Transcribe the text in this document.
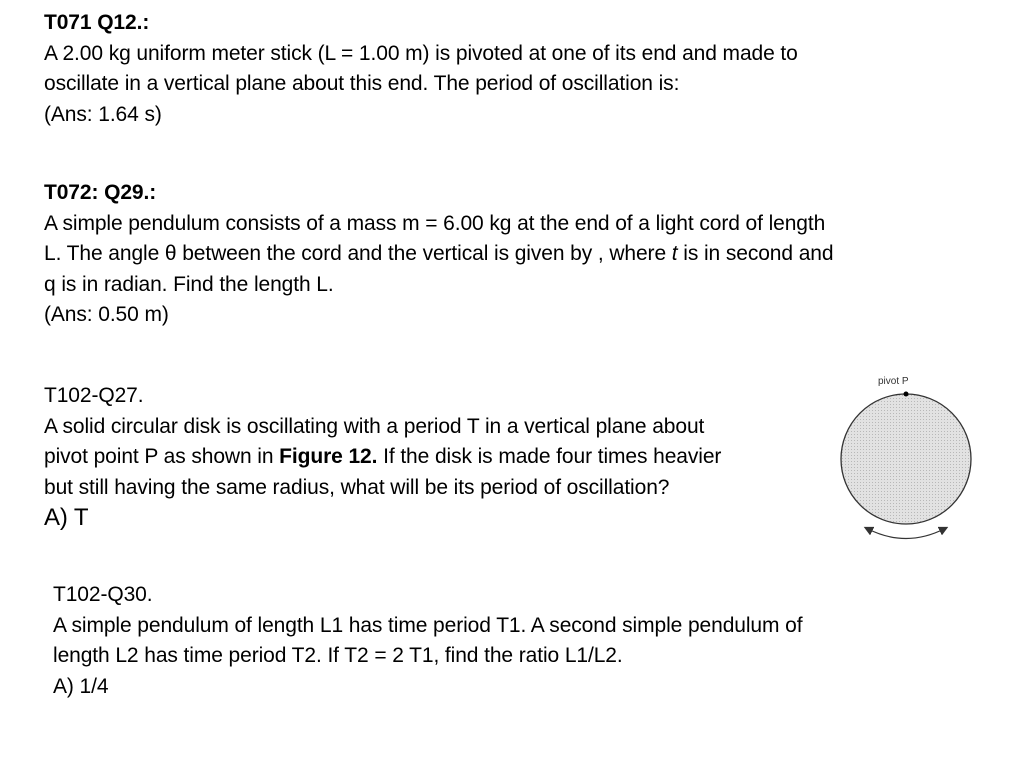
T071 Q12.:

A 2.00 kg uniform meter stick (L = 1.00 m) is pivoted at one of its end and made to

oscillate in a vertical plane about this end. The period of oscillation is:

(Ans: 1.64 s)

T072: Q29.:

A simple pendulum consists of a mass m = 6.00 kg at the end of a light cord of length

L. The angle θ between the cord and the vertical is given by , where t is in second and

q is in radian. Find the length L.

(Ans: 0.50 m)

T102-Q27.

A solid circular disk is oscillating with a period T in a vertical plane about

pivot point P as shown in Figure 12. If the disk is made four times heavier

but still having the same radius, what will be its period of oscillation?

A) T

pivot P

T102-Q30.

A simple pendulum of length L1 has time period T1. A second simple pendulum of

length L2 has time period T2. If T2 = 2 T1, find the ratio L1/L2.

A) 1/4
